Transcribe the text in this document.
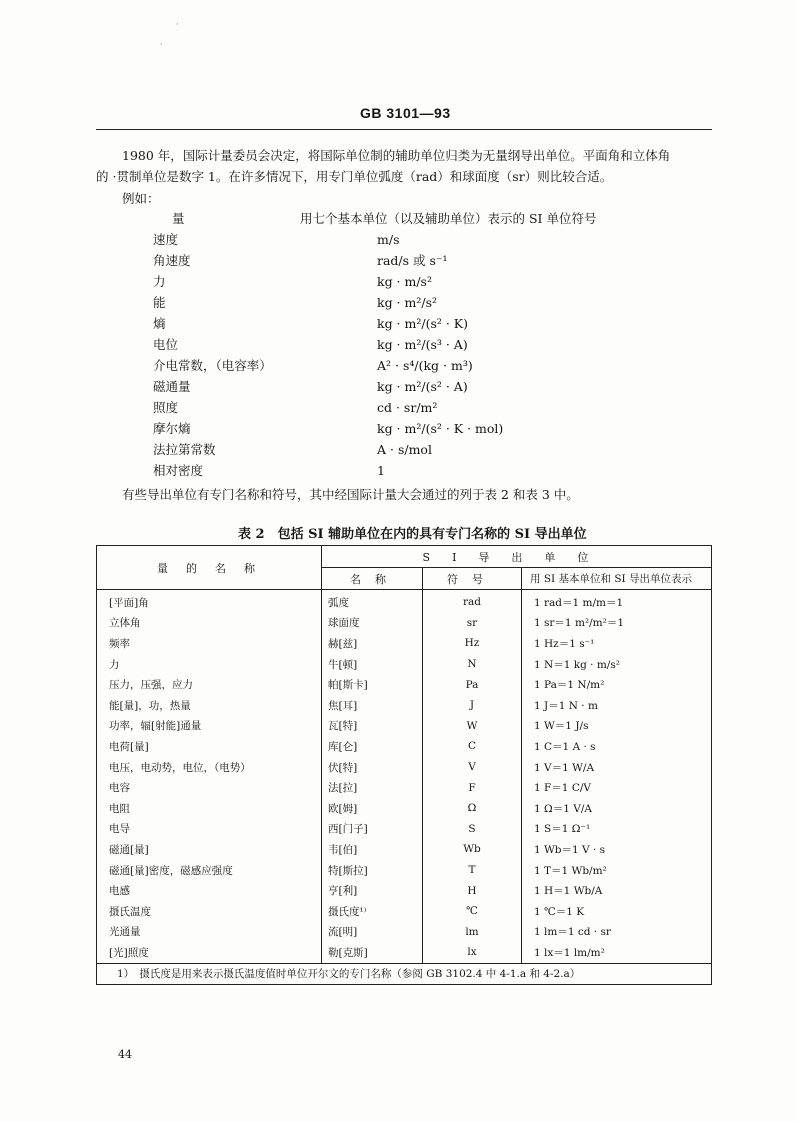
·
·
GB 3101—93
1980 年，国际计量委员会决定，将国际单位制的辅助单位归类为无量纲导出单位。平面角和立体角
的 ·贯制单位是数字 1。在许多情况下，用专门单位弧度（rad）和球面度（sr）则比较合适。
例如：
量	用七个基本单位（以及辅助单位）表示的 SI 单位符号
速度	m/s
角速度	rad/s 或 s⁻¹
力	kg · m/s²
能	kg · m²/s²
熵	kg · m²/(s² · K)
电位	kg · m²/(s³ · A)
介电常数，（电容率）	A² · s⁴/(kg · m³)
磁通量	kg · m²/(s² · A)
照度	cd · sr/m²
摩尔熵	kg · m²/(s² · K · mol)
法拉第常数	A · s/mol
相对密度	1
有些导出单位有专门名称和符号，其中经国际计量大会通过的列于表 2 和表 3 中。
表 2　包括 SI 辅助单位在内的具有专门名称的 SI 导出单位
量的名称	SI导出单位		
	名称	符号	用 SI 基本单位和 SI 导出单位表示
[平面]角	弧度	rad	1 rad＝1 m/m＝1
立体角	球面度	sr	1 sr＝1 m²/m²＝1
频率	赫[兹]	Hz	1 Hz＝1 s⁻¹
力	牛[顿]	N	1 N＝1 kg · m/s²
压力，压强，应力	帕[斯卡]	Pa	1 Pa＝1 N/m²
能[量]，功，热量	焦[耳]	J	1 J＝1 N · m
功率，辐[射能]通量	瓦[特]	W	1 W＝1 J/s
电荷[量]	库[仑]	C	1 C＝1 A · s
电压，电动势，电位，（电势）	伏[特]	V	1 V＝1 W/A
电容	法[拉]	F	1 F＝1 C/V
电阻	欧[姆]	Ω	1 Ω＝1 V/A
电导	西[门子]	S	1 S＝1 Ω⁻¹
磁通[量]	韦[伯]	Wb	1 Wb＝1 V · s
磁通[量]密度，磁感应强度	特[斯拉]	T	1 T＝1 Wb/m²
电感	亨[利]	H	1 H＝1 Wb/A
摄氏温度	摄氏度¹⁾	℃	1 ℃＝1 K
光通量	流[明]	lm	1 lm＝1 cd · sr
[光]照度	勒[克斯]	lx	1 lx＝1 lm/m²
1）　摄氏度是用来表示摄氏温度值时单位开尔文的专门名称（参阅 GB 3102.4 中 4-1.a 和 4-2.a）			
44
